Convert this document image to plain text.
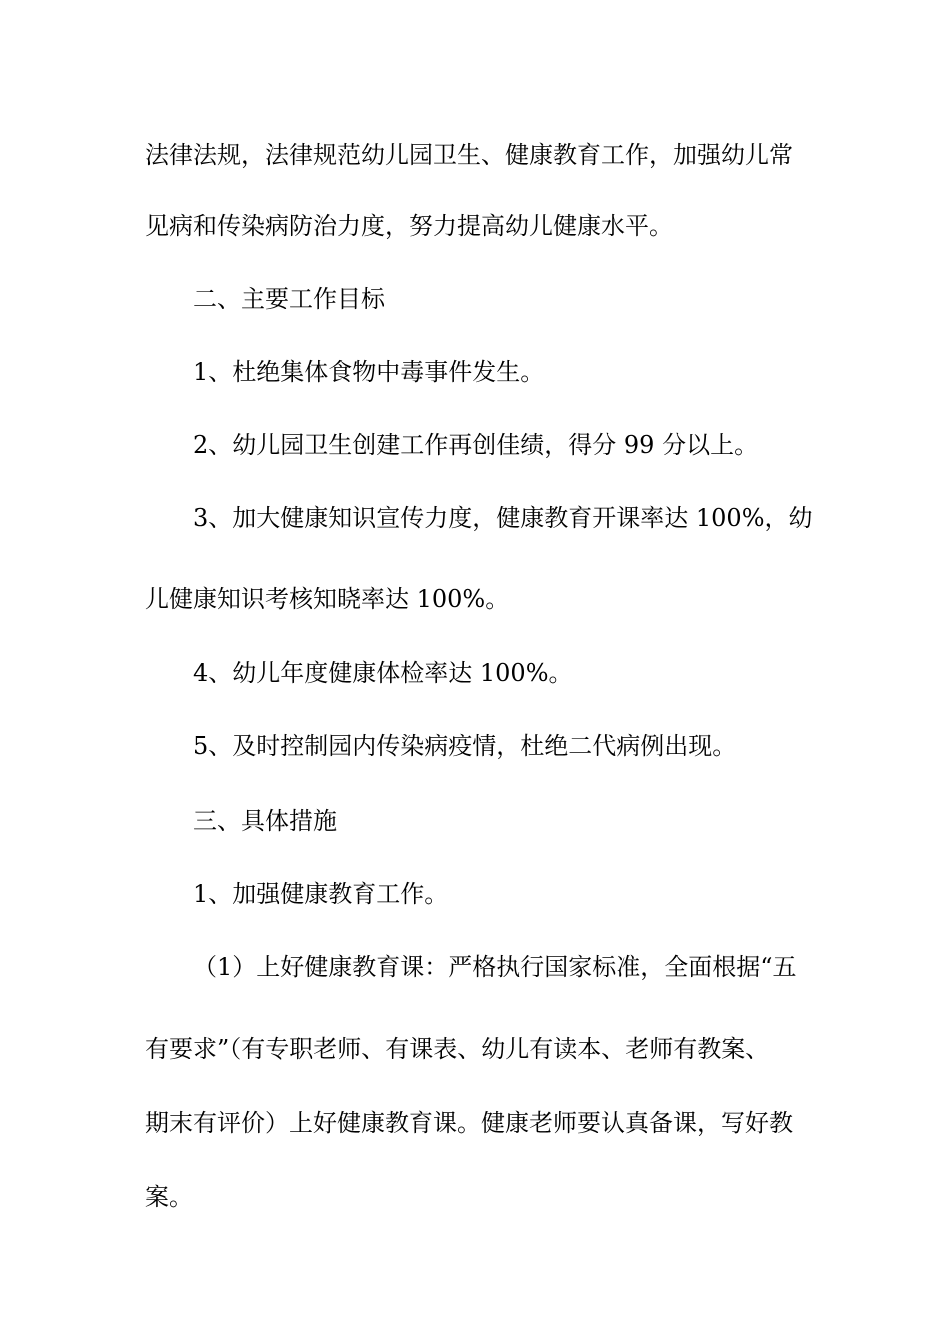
法律法规，法律规范幼儿园卫生、健康教育工作，加强幼儿常
见病和传染病防治力度，努力提高幼儿健康水平。
二、主要工作目标
1、杜绝集体食物中毒事件发生。
2、幼儿园卫生创建工作再创佳绩，得分 99 分以上。
3、加大健康知识宣传力度，健康教育开课率达 100%，幼
儿健康知识考核知晓率达 100%。
4、幼儿年度健康体检率达 100%。
5、及时控制园内传染病疫情，杜绝二代病例出现。
三、具体措施
1、加强健康教育工作。
（1）上好健康教育课：严格执行国家标准，全面根据“五
有要求”（有专职老师、有课表、幼儿有读本、老师有教案、
期末有评价）上好健康教育课。健康老师要认真备课，写好教
案。
